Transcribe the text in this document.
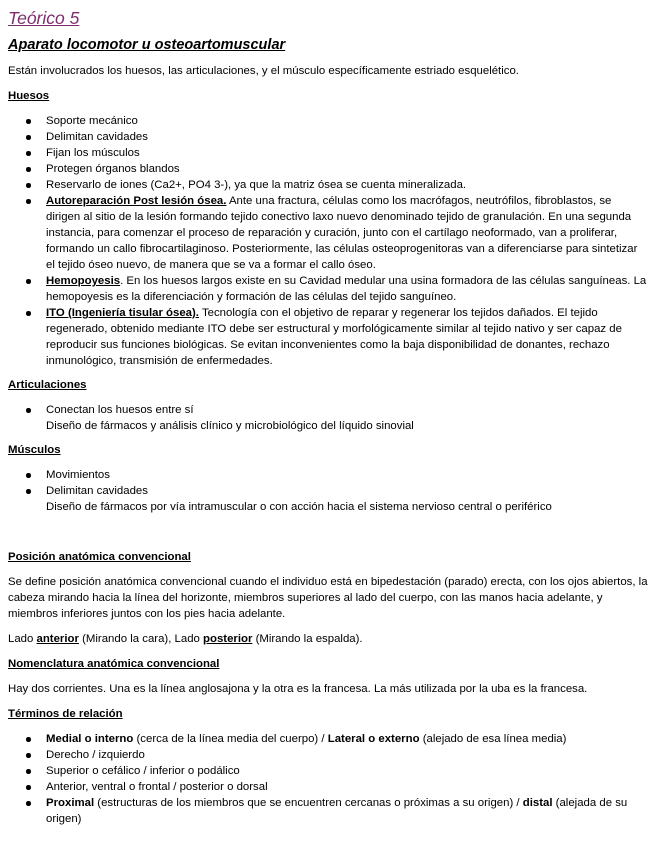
Teórico 5
Aparato locomotor u osteoartomuscular

Están involucrados los huesos, las articulaciones, y el músculo específicamente estriado esquelético.

Huesos
Soporte mecánico
Delimitan cavidades
Fijan los músculos
Protegen órganos blandos
Reservarlo de iones (Ca2+, PO4 3-), ya que la matriz ósea se cuenta mineralizada.
Autoreparación Post lesión ósea. Ante una fractura, células como los macrófagos, neutrófilos, fibroblastos, se dirigen al sitio de la lesión formando tejido conectivo laxo nuevo denominado tejido de granulación. En una segunda instancia, para comenzar el proceso de reparación y curación, junto con el cartílago neoformado, van a proliferar, formando un callo fibrocartilaginoso. Posteriormente, las células osteoprogenitoras van a diferenciarse para sintetizar el tejido óseo nuevo, de manera que se va a formar el callo óseo.
Hemopoyesis. En los huesos largos existe en su Cavidad medular una usina formadora de las células sanguíneas. La hemopoyesis es la diferenciación y formación de las células del tejido sanguíneo.
ITO (Ingeniería tisular ósea). Tecnología con el objetivo de reparar y regenerar los tejidos dañados. El tejido regenerado, obtenido mediante ITO debe ser estructural y morfológicamente similar al tejido nativo y ser capaz de reproducir sus funciones biológicas. Se evitan inconvenientes como la baja disponibilidad de donantes, rechazo inmunológico, transmisión de enfermedades.
Articulaciones
Conectan los huesos entre sí
Diseño de fármacos y análisis clínico y microbiológico del líquido sinovial
Músculos
Movimientos
Delimitan cavidades
Diseño de fármacos por vía intramuscular o con acción hacia el sistema nervioso central o periférico
Posición anatómica convencional

Se define posición anatómica convencional cuando el individuo está en bipedestación (parado) erecta, con los ojos abiertos, la cabeza mirando hacia la línea del horizonte, miembros superiores al lado del cuerpo, con las manos hacia adelante, y miembros inferiores juntos con los pies hacia adelante.

Lado anterior (Mirando la cara), Lado posterior (Mirando la espalda).

Nomenclatura anatómica convencional

Hay dos corrientes. Una es la línea anglosajona y la otra es la francesa. La más utilizada por la uba es la francesa.

Términos de relación
Medial o interno (cerca de la línea media del cuerpo) / Lateral o externo (alejado de esa línea media)
Derecho / izquierdo
Superior o cefálico / inferior o podálico
Anterior, ventral o frontal / posterior o dorsal
Proximal (estructuras de los miembros que se encuentren cercanas o próximas a su origen) / distal (alejada de su origen)
